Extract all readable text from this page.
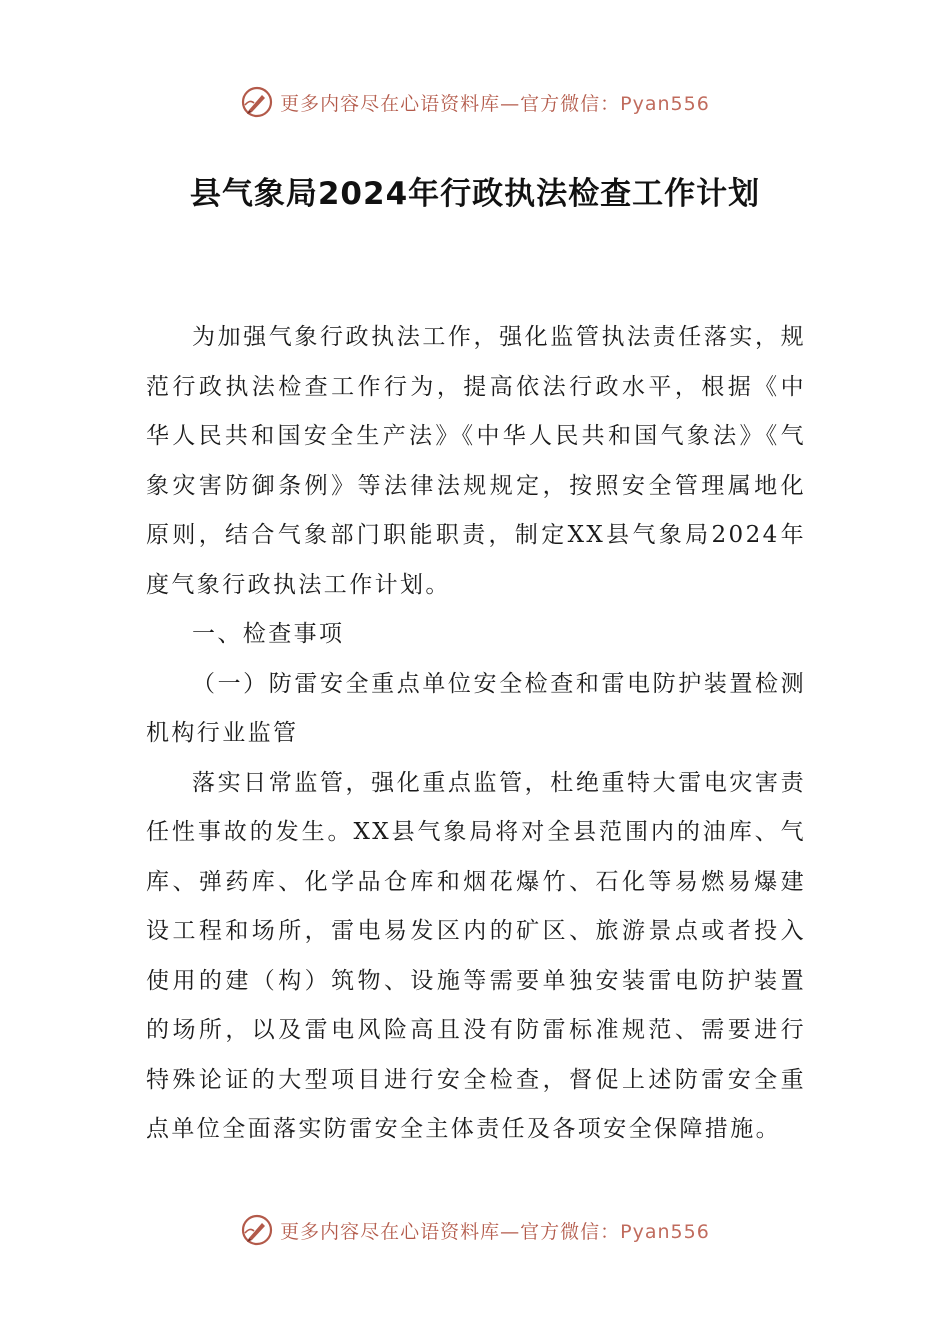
更多内容尽在心语资料库—官方微信：Pyan556
县气象局2024年行政执法检查工作计划

为加强气象行政执法工作，强化监管执法责任落实，规范行政执法检查工作行为，提高依法行政水平，根据《中华人民共和国安全生产法》《中华人民共和国气象法》《气象灾害防御条例》等法律法规规定，按照安全管理属地化原则，结合气象部门职能职责，制定XX县气象局2024年度气象行政执法工作计划。

一、检查事项

（一）防雷安全重点单位安全检查和雷电防护装置检测机构行业监管

落实日常监管，强化重点监管，杜绝重特大雷电灾害责任性事故的发生。XX县气象局将对全县范围内的油库、气库、弹药库、化学品仓库和烟花爆竹、石化等易燃易爆建设工程和场所，雷电易发区内的矿区、旅游景点或者投入使用的建（构）筑物、设施等需要单独安装雷电防护装置的场所，以及雷电风险高且没有防雷标准规范、需要进行特殊论证的大型项目进行安全检查，督促上述防雷安全重点单位全面落实防雷安全主体责任及各项安全保障措施。

更多内容尽在心语资料库—官方微信：Pyan556
